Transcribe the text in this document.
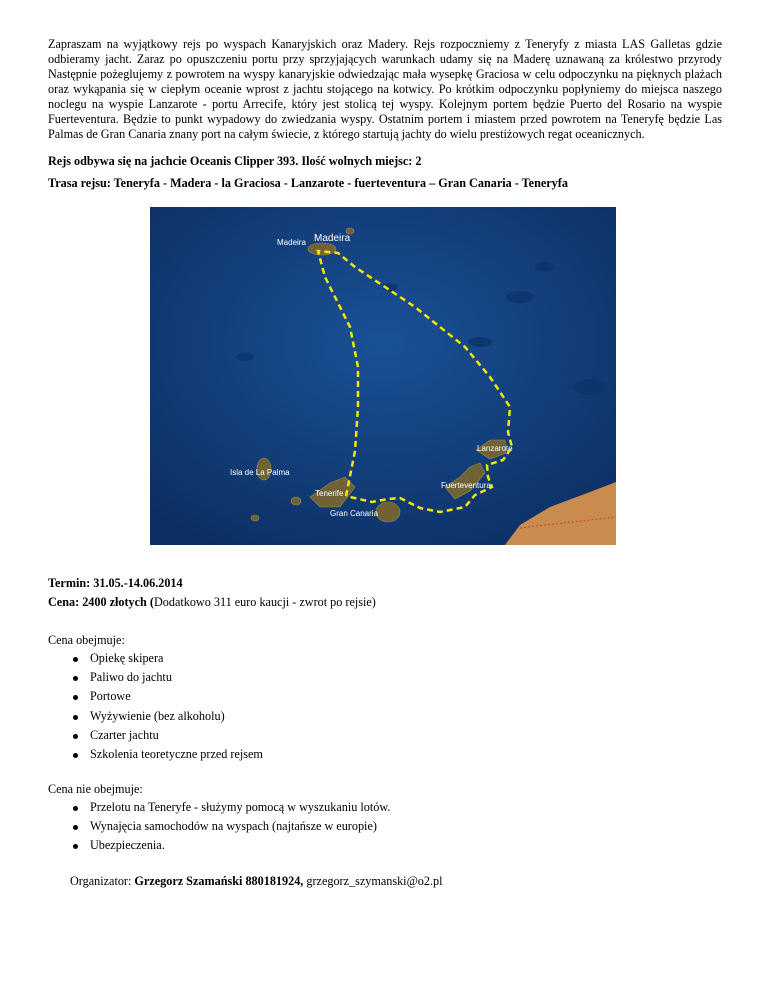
Zapraszam na wyjątkowy rejs po wyspach Kanaryjskich oraz Madery. Rejs rozpoczniemy z Teneryfy z miasta LAS Galletas gdzie odbieramy jacht. Zaraz po opuszczeniu portu przy sprzyjających warunkach udamy się na Maderę uznawaną za królestwo przyrody Następnie pożeglujemy z powrotem na wyspy kanaryjskie odwiedzając mała wysepkę Graciosa w celu odpoczynku na pięknych plażach oraz wykąpania się w ciepłym oceanie wprost z jachtu stojącego na kotwicy. Po krótkim odpoczynku popłyniemy do miejsca naszego noclegu na wyspie Lanzarote - portu Arrecife, który jest stolicą tej wyspy. Kolejnym portem będzie Puerto del Rosario na wyspie Fuerteventura. Będzie to punkt wypadowy do zwiedzania wyspy. Ostatnim portem i miastem przed powrotem na Teneryfę będzie Las Palmas de Gran Canaria znany port na całym świecie, z którego startują jachty do wielu prestiżowych regat oceanicznych.

Rejs odbywa się na jachcie Oceanis Clipper 393. Ilość wolnych miejsc: 2

Trasa rejsu: Teneryfa - Madera - la Graciosa - Lanzarote - fuerteventura – Gran Canaria - Teneryfa

Madeira Madeira
Isla de La Palma
Tenerife
Gran Canaria
Lanzarote
Fuerteventura

Termin: 31.05.-14.06.2014

Cena: 2400 złotych (Dodatkowo 311 euro kaucji - zwrot po rejsie)

Cena obejmuje:

Opiekę skipera
Paliwo do jachtu
Portowe
Wyżywienie (bez alkoholu)
Czarter jachtu
Szkolenia teoretyczne przed rejsem

Cena nie obejmuje:

Przelotu na Teneryfe - służymy pomocą w wyszukaniu lotów.
Wynajęcia samochodów na wyspach (najtańsze w europie)
Ubezpieczenia.

Organizator: Grzegorz Szamański 880181924, grzegorz_szymanski@o2.pl
